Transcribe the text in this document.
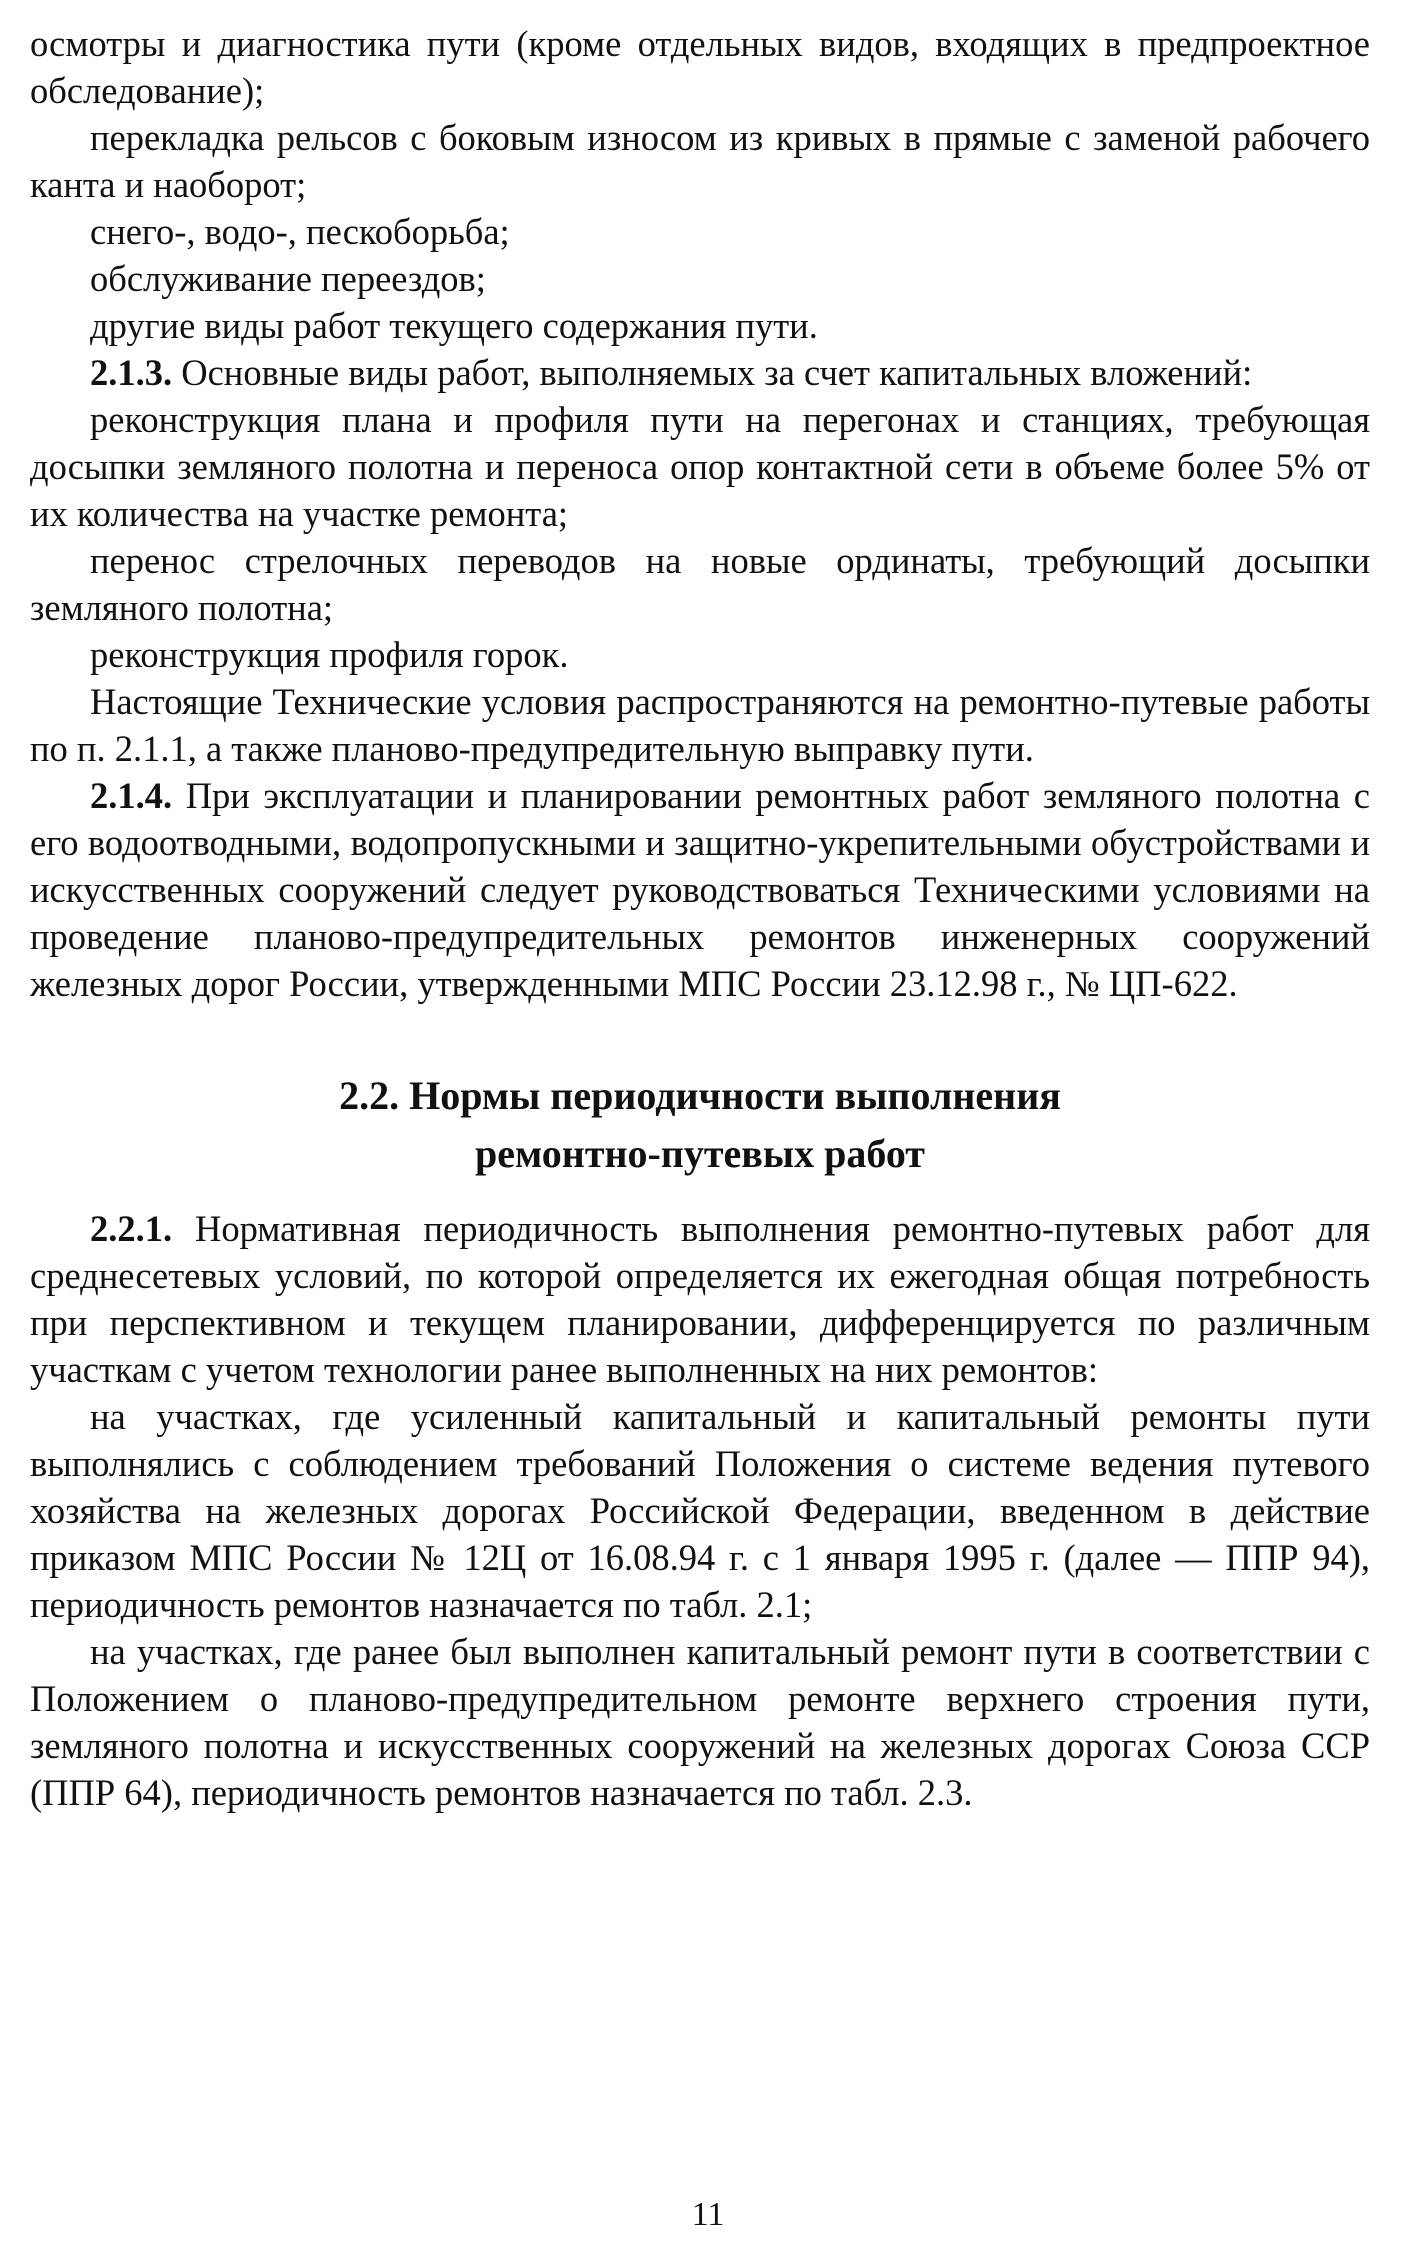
осмотры и диагностика пути (кроме отдельных видов, входящих в предпроектное обследование);

перекладка рельсов с боковым износом из кривых в прямые с заменой рабочего канта и наоборот;

снего-, водо-, пескоборьба;

обслуживание переездов;

другие виды работ текущего содержания пути.

2.1.3. Основные виды работ, выполняемых за счет капитальных вложений:

реконструкция плана и профиля пути на перегонах и станциях, требующая досыпки земляного полотна и переноса опор контактной сети в объеме более 5% от их количества на участке ремонта;

перенос стрелочных переводов на новые ординаты, требующий досыпки земляного полотна;

реконструкция профиля горок.

Настоящие Технические условия распространяются на ремонтно-путевые работы по п. 2.1.1, а также планово-предупредительную выправку пути.

2.1.4. При эксплуатации и планировании ремонтных работ земляного полотна с его водоотводными, водопропускными и защитно-укрепительными обустройствами и искусственных сооружений следует руководствоваться Техническими условиями на проведение планово-предупредительных ремонтов инженерных сооружений железных дорог России, утвержденными МПС России 23.12.98 г., № ЦП-622.

2.2. Нормы периодичности выполнения
ремонтно-путевых работ

2.2.1. Нормативная периодичность выполнения ремонтно-путевых работ для среднесетевых условий, по которой определяется их ежегодная общая потребность при перспективном и текущем планировании, дифференцируется по различным участкам с учетом технологии ранее выполненных на них ремонтов:

на участках, где усиленный капитальный и капитальный ремонты пути выполнялись с соблюдением требований Положения о системе ведения путевого хозяйства на железных дорогах Российской Федерации, введенном в действие приказом МПС России № 12Ц от 16.08.94 г. с 1 января 1995 г. (далее — ППР 94), периодичность ремонтов назначается по табл. 2.1;

на участках, где ранее был выполнен капитальный ремонт пути в соответствии с Положением о планово-предупредительном ремонте верхнего строения пути, земляного полотна и искусственных сооружений на железных дорогах Союза ССР (ППР 64), периодичность ремонтов назначается по табл. 2.3.

11
